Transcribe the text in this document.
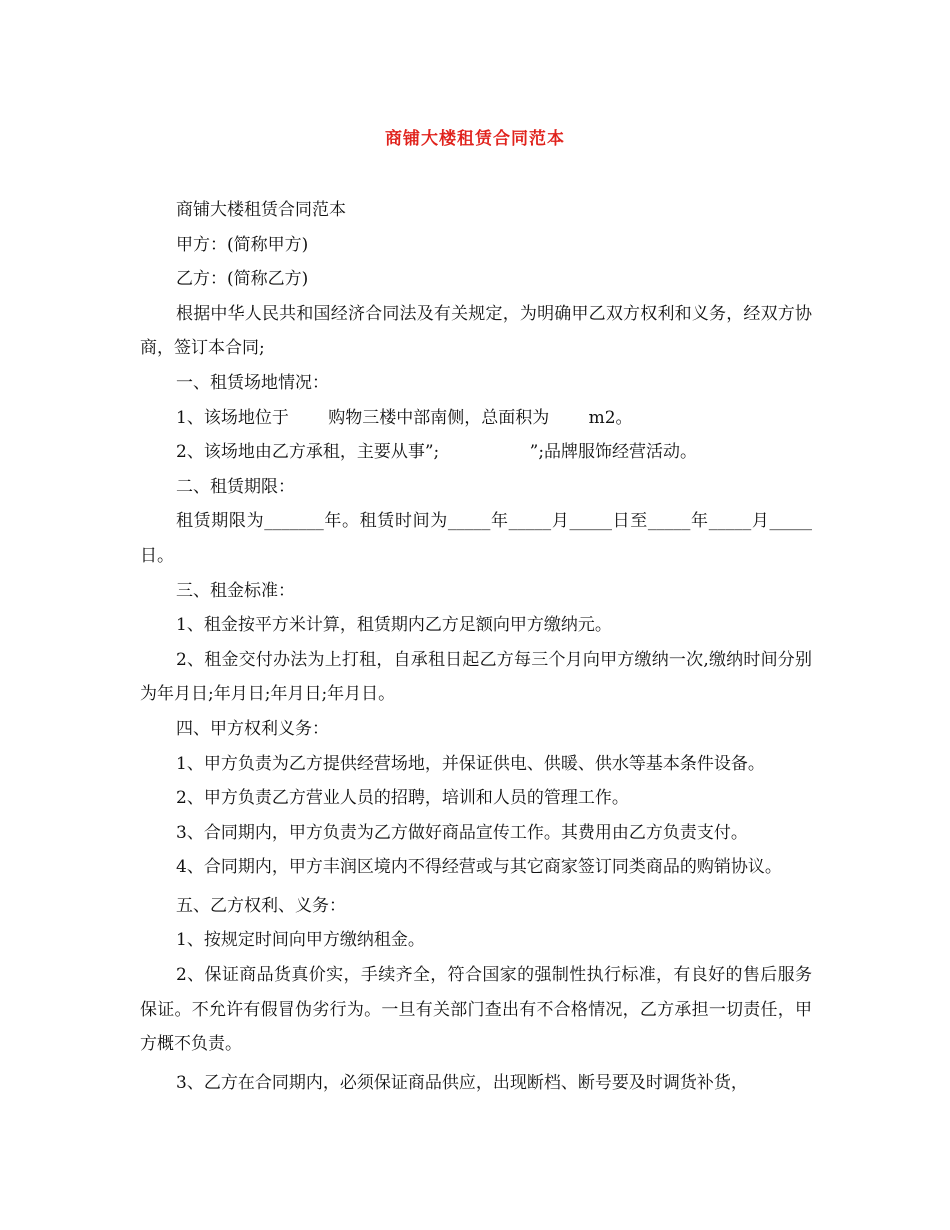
商铺大楼租赁合同范本

商铺大楼租赁合同范本

甲方：(简称甲方)

乙方：(简称乙方)

根据中华人民共和国经济合同法及有关规定，为明确甲乙双方权利和义务，经双方协商，签订本合同;

一、租赁场地情况：

1、该场地位于　　 购物三楼中部南侧，总面积为　　 m2。

2、该场地由乙方承租，主要从事”;　　　　　 ”;品牌服饰经营活动。

二、租赁期限：

租赁期限为_______年。租赁时间为_____年_____月_____日至_____年_____月_____日。

三、租金标准：

1、租金按平方米计算，租赁期内乙方足额向甲方缴纳元。

2、租金交付办法为上打租，自承租日起乙方每三个月向甲方缴纳一次,缴纳时间分别为年月日;年月日;年月日;年月日。

四、甲方权利义务：

1、甲方负责为乙方提供经营场地，并保证供电、供暖、供水等基本条件设备。

2、甲方负责乙方营业人员的招聘，培训和人员的管理工作。

3、合同期内，甲方负责为乙方做好商品宣传工作。其费用由乙方负责支付。

4、合同期内，甲方丰润区境内不得经营或与其它商家签订同类商品的购销协议。

五、乙方权利、义务：

1、按规定时间向甲方缴纳租金。

2、保证商品货真价实，手续齐全，符合国家的强制性执行标准，有良好的售后服务保证。不允许有假冒伪劣行为。一旦有关部门查出有不合格情况，乙方承担一切责任，甲方概不负责。

3、乙方在合同期内，必须保证商品供应，出现断档、断号要及时调货补货，
